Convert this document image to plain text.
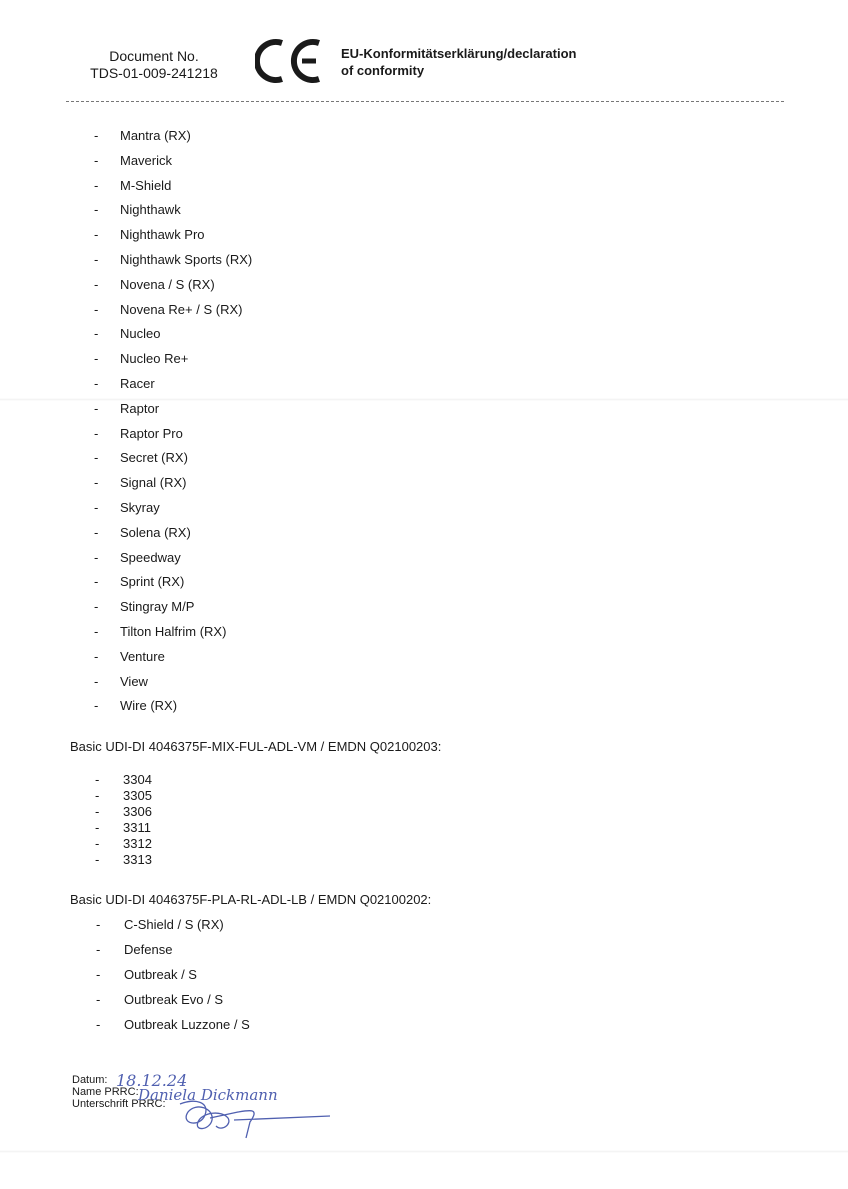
Document No.
TDS-01-009-241218
EU-Konformitätserklärung/declaration
of conformity
- Mantra (RX)
- Maverick
- M-Shield
- Nighthawk
- Nighthawk Pro
- Nighthawk Sports (RX)
- Novena / S (RX)
- Novena Re+ / S (RX)
- Nucleo
- Nucleo Re+
- Racer
- Raptor
- Raptor Pro
- Secret (RX)
- Signal (RX)
- Skyray
- Solena (RX)
- Speedway
- Sprint (RX)
- Stingray M/P
- Tilton Halfrim (RX)
- Venture
- View
- Wire (RX)
Basic UDI-DI 4046375F-MIX-FUL-ADL-VM / EMDN Q02100203:
- 3304
- 3305
- 3306
- 3311
- 3312
- 3313
Basic UDI-DI 4046375F-PLA-RL-ADL-LB / EMDN Q02100202:
- C-Shield / S (RX)
- Defense
- Outbreak / S
- Outbreak Evo / S
- Outbreak Luzzone / S
Datum:
Name PRRC:
Unterschrift PRRC:
18.12.24
Daniela Dickmann
